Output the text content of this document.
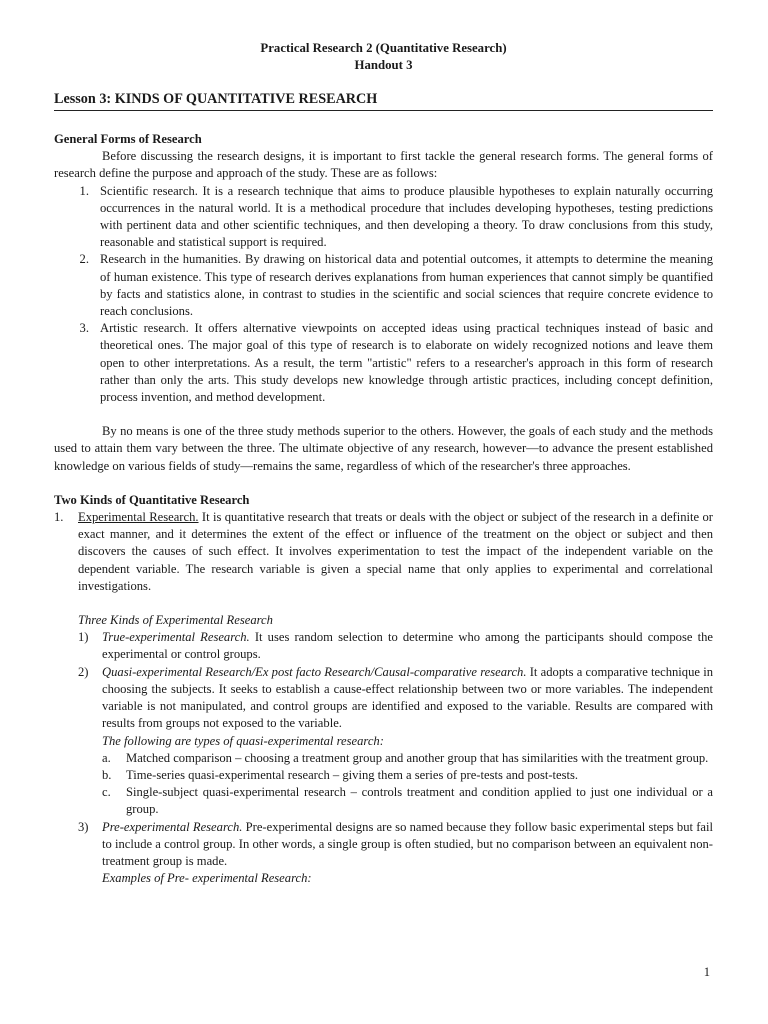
Practical Research 2 (Quantitative Research)
Handout 3
Lesson 3: KINDS OF QUANTITATIVE RESEARCH
General Forms of Research

Before discussing the research designs, it is important to first tackle the general research forms. The general forms of research define the purpose and approach of the study. These are as follows:

1. Scientific research. It is a research technique that aims to produce plausible hypotheses to explain naturally occurring occurrences in the natural world. It is a methodical procedure that includes developing hypotheses, testing predictions with pertinent data and other scientific techniques, and then developing a theory. To draw conclusions from this study, reasonable and statistical support is required.
2. Research in the humanities. By drawing on historical data and potential outcomes, it attempts to determine the meaning of human existence. This type of research derives explanations from human experiences that cannot simply be quantified by facts and statistics alone, in contrast to studies in the scientific and social sciences that require concrete evidence to reach conclusions.
3. Artistic research. It offers alternative viewpoints on accepted ideas using practical techniques instead of basic and theoretical ones. The major goal of this type of research is to elaborate on widely recognized notions and leave them open to other interpretations. As a result, the term "artistic" refers to a researcher's approach in this form of research rather than only the arts. This study develops new knowledge through artistic practices, including concept definition, process invention, and method development.

By no means is one of the three study methods superior to the others. However, the goals of each study and the methods used to attain them vary between the three. The ultimate objective of any research, however—to advance the present established knowledge on various fields of study—remains the same, regardless of which of the researcher's three approaches.

Two Kinds of Quantitative Research
1.	Experimental Research. It is quantitative research that treats or deals with the object or subject of the research in a definite or exact manner, and it determines the extent of the effect or influence of the treatment on the object or subject and then discovers the causes of such effect. It involves experimentation to test the impact of the independent variable on the dependent variable. The research variable is given a special name that only applies to experimental and correlational investigations.
Three Kinds of Experimental Research
1)	True-experimental Research. It uses random selection to determine who among the participants should compose the experimental or control groups.
2)	Quasi-experimental Research/Ex post facto Research/Causal-comparative research. It adopts a comparative technique in choosing the subjects. It seeks to establish a cause-effect relationship between two or more variables. The independent variable is not manipulated, and control groups are identified and exposed to the variable. Results are compared with results from groups not exposed to the variable.
The following are types of quasi-experimental research:
a.	Matched comparison – choosing a treatment group and another group that has similarities with the treatment group.
b.	Time-series quasi-experimental research – giving them a series of pre-tests and post-tests.
c.	Single-subject quasi-experimental research – controls treatment and condition applied to just one individual or a group.
3)	Pre-experimental Research. Pre-experimental designs are so named because they follow basic experimental steps but fail to include a control group. In other words, a single group is often studied, but no comparison between an equivalent non-treatment group is made.
Examples of Pre- experimental Research:
1
